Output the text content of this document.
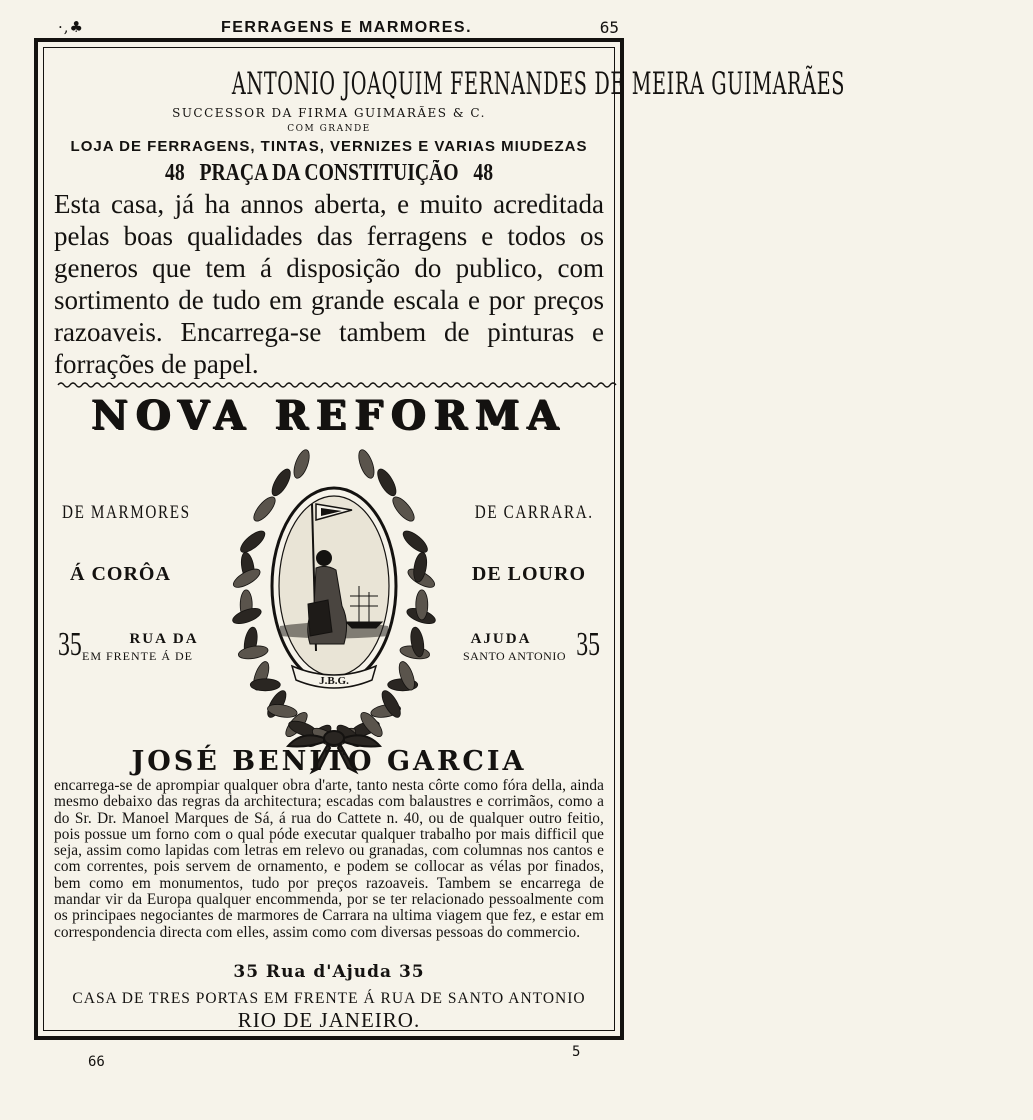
·,♣	FERRAGENS E MARMORES.	65
ANTONIO JOAQUIM FERNANDES DE MEIRA GUIMARÃES
SUCCESSOR DA FIRMA GUIMARÃES & C.
COM GRANDE
LOJA DE FERRAGENS, TINTAS, VERNIZES E VARIAS MIUDEZAS
48   PRAÇA DA CONSTITUIÇÃO   48
Esta casa, já ha annos aberta, e muito acreditada pelas boas qualidades das ferragens e todos os generos que tem á disposição do publico, com sortimento de tudo em grande escala e por preços razoaveis. Encarrega-se tambem de pinturas e forrações de papel.
NOVA REFORMA
J.B.G.
DE MARMORES	DE CARRARA.
Á CORÔA	DE LOURO
35	RUA DA
EM FRENTE Á DE
AJUDA
SANTO ANTONIO 35
JOSÉ BENITO GARCIA
encarrega-se de aprompiar qualquer obra d'arte, tanto nesta côrte como fóra della, ainda mesmo debaixo das regras da architectura; escadas com balaustres e corrimãos, como a do Sr. Dr. Manoel Marques de Sá, á rua do Cattete n. 40, ou de qualquer outro feitio, pois possue um forno com o qual póde executar qualquer trabalho por mais difficil que seja, assim como lapidas com letras em relevo ou granadas, com columnas nos cantos e com correntes, pois servem de ornamento, e podem se collocar as vélas por finados, bem como em monumentos, tudo por preços razoaveis. Tambem se encarrega de mandar vir da Europa qualquer encommenda, por se ter relacionado pessoalmente com os principaes negociantes de marmores de Carrara na ultima viagem que fez, e estar em correspondencia directa com elles, assim como com diversas pessoas do commercio.
35 Rua d'Ajuda 35
CASA DE TRES PORTAS EM FRENTE Á RUA DE SANTO ANTONIO
RIO DE JANEIRO.
66
5
